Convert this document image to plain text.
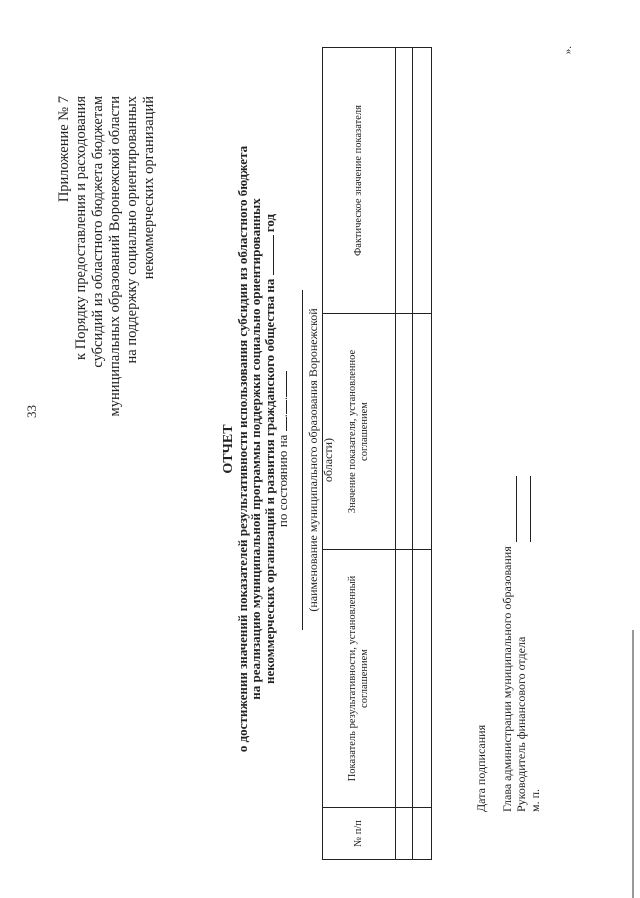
33
Приложение № 7 к Порядку предоставления и расходования субсидий из областного бюджета бюджетам муниципальных образований Воронежской области на поддержку социально ориентированных некоммерческих организаций
ОТЧЕТ
о достижении значений показателей результативности использования субсидии из областного бюджета
на реализацию муниципальной программы поддержки социально ориентированных
некоммерческих организаций и развития гражданского общества на  год
по состоянию на .. (наименование муниципального образования Воронежской области)
№ п/п	Показатель результативности, установленный соглашением	Значение показателя, установленное соглашением	Фактическое значение показателя

Дата подписания Глава администрации муниципального образования Руководитель финансового отдела м. п.
».
